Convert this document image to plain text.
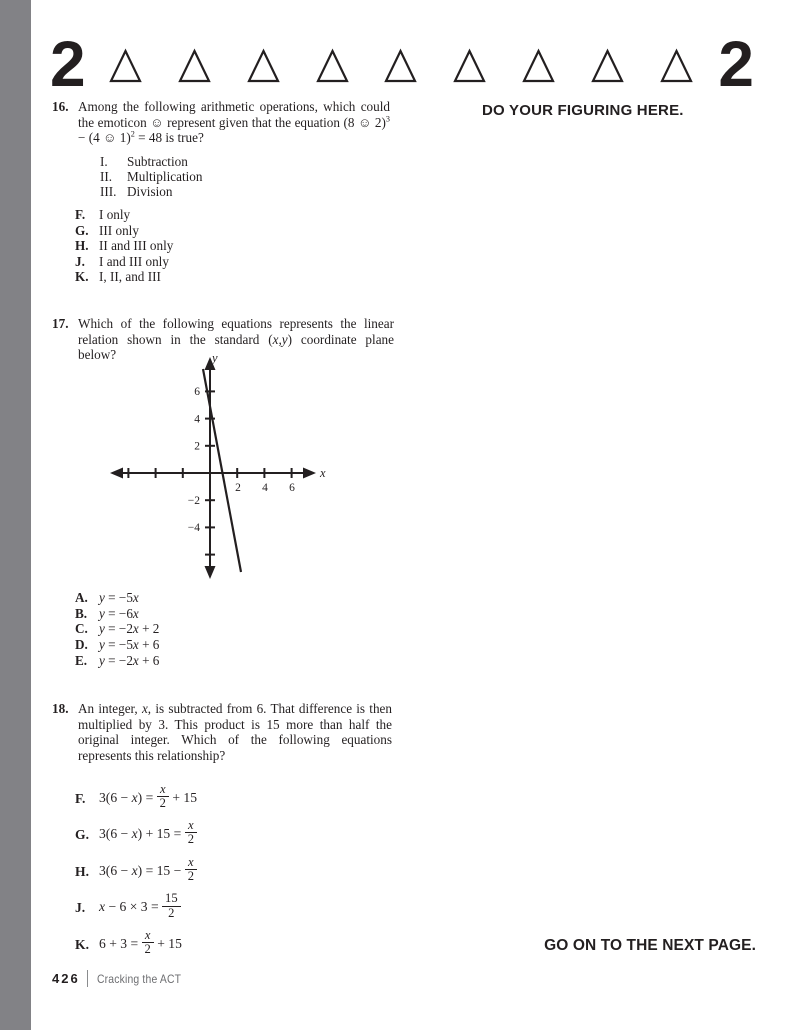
2	2
DO YOUR FIGURING HERE.
16. Among the following arithmetic operations, which could the emoticon ☺ represent given that the equation (8 ☺ 2)$^3$ − (4 ☺ 1)$^2$ = 48 is true?
I.	Subtraction
II.	Multiplication
III. Division
F.	I only
G. III only
H. II and III only
J.	I and III only
K. I, II, and III
17. Which of the following equations represents the linear relation shown in the standard (x,y) coordinate plane below?
2 4 6
6
4
2
−2
−4
x
y
A. y = −5x
B. y = −6x
C. y = −2x + 2
D. y = −5x + 6
E. y = −2x + 6
18. An integer, x, is subtracted from 6. That difference is then multiplied by 3. This product is 15 more than half the original integer. Which of the following equations represents this relationship?
F. $3(6 - x) = \frac{x}{2} + 15$
G. $3(6 - x) + 15 = \frac{x}{2}$
H. $3(6 - x) = 15 - \frac{x}{2}$
J.	$x - 6 \times 3 = \frac{15}{2}$
K. $6 + 3 = \frac{x}{2} + 15$	GO ON TO THE NEXT PAGE.
426 Cracking the ACT
